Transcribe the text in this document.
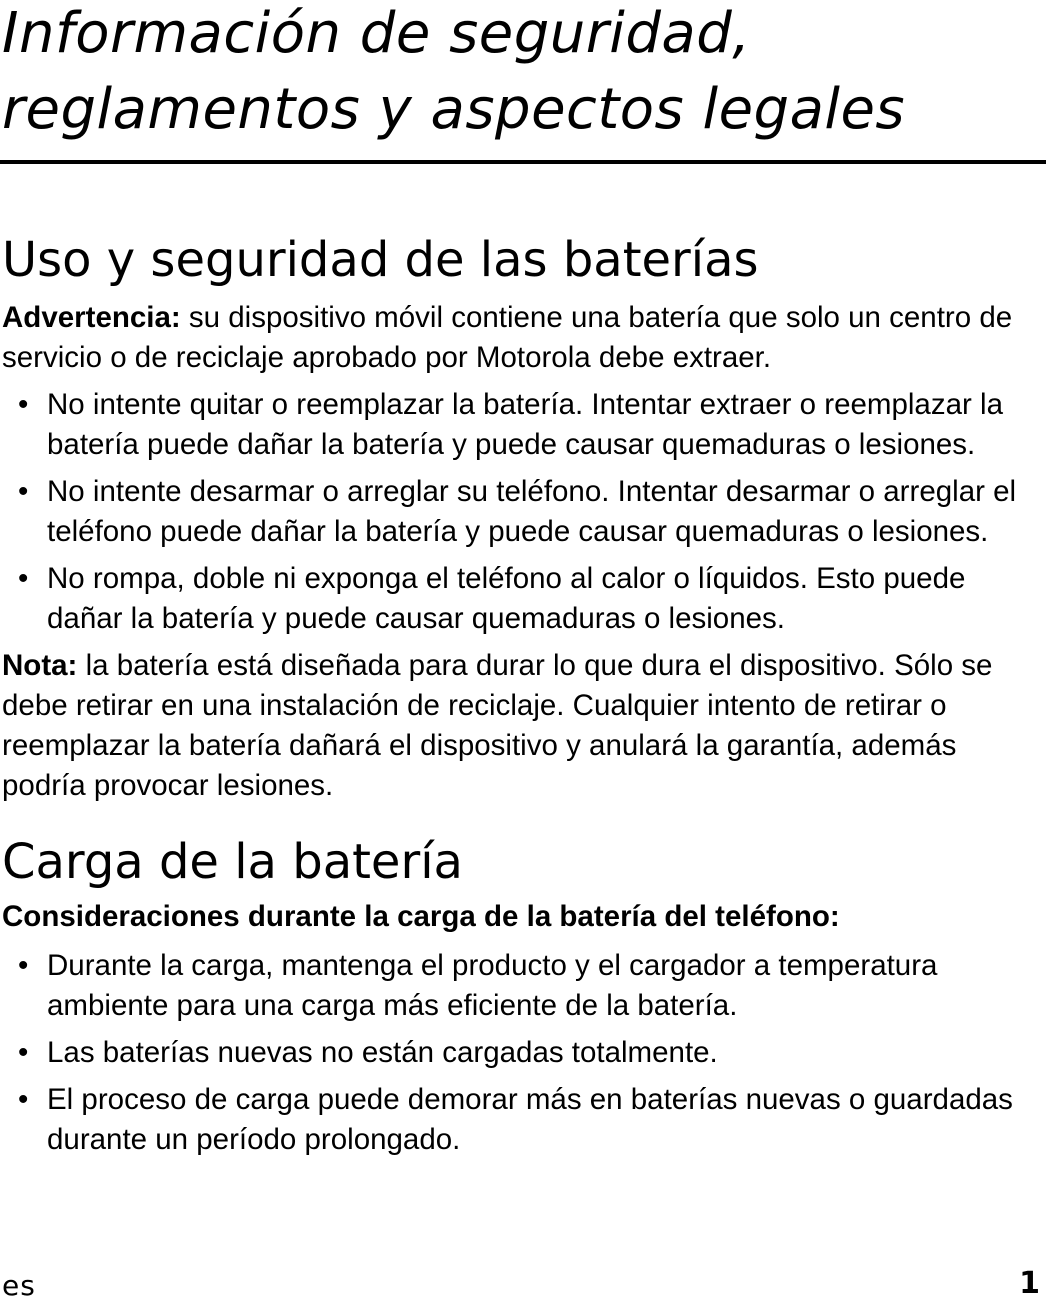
Información de seguridad,
reglamentos y aspectos legales
Uso y seguridad de las baterías

Advertencia: su dispositivo móvil contiene una batería que solo un centro de servicio o de reciclaje aprobado por Motorola debe extraer.

• No intente quitar o reemplazar la batería. Intentar extraer o reemplazar la batería puede dañar la batería y puede causar quemaduras o lesiones.
• No intente desarmar o arreglar su teléfono. Intentar desarmar o arreglar el teléfono puede dañar la batería y puede causar quemaduras o lesiones.
• No rompa, doble ni exponga el teléfono al calor o líquidos. Esto puede dañar la batería y puede causar quemaduras o lesiones.

Nota: la batería está diseñada para durar lo que dura el dispositivo. Sólo se debe retirar en una instalación de reciclaje. Cualquier intento de retirar o reemplazar la batería dañará el dispositivo y anulará la garantía, además podría provocar lesiones.

Carga de la batería

Consideraciones durante la carga de la batería del teléfono:

• Durante la carga, mantenga el producto y el cargador a temperatura ambiente para una carga más eficiente de la batería.
• Las baterías nuevas no están cargadas totalmente.
• El proceso de carga puede demorar más en baterías nuevas o guardadas durante un período prolongado.

es	1
